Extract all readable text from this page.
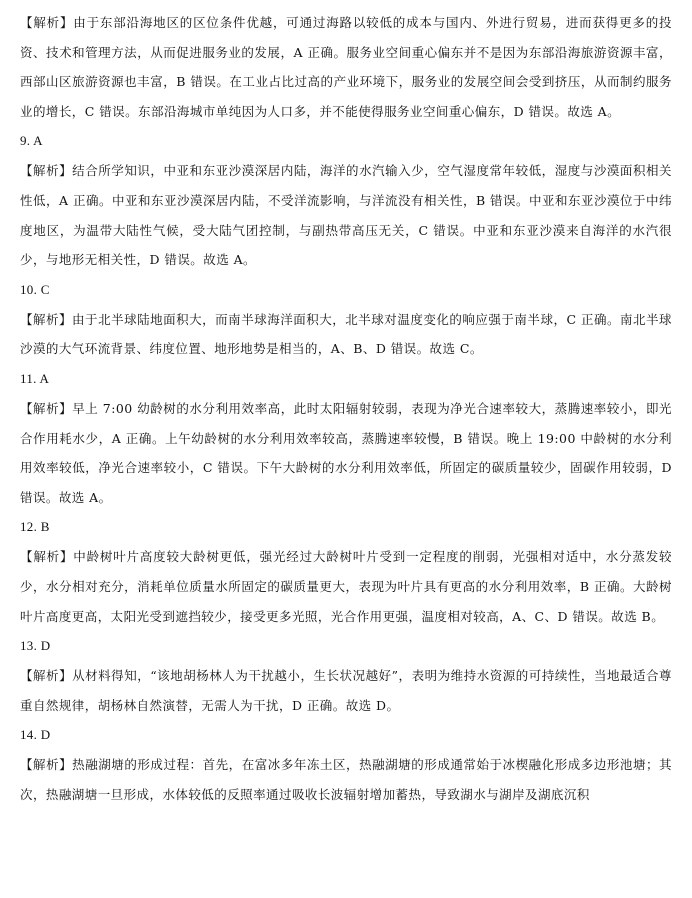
【解析】由于东部沿海地区的区位条件优越，可通过海路以较低的成本与国内、外进行贸易，进而获得更多的投资、技术和管理方法，从而促进服务业的发展，A 正确。服务业空间重心偏东并不是因为东部沿海旅游资源丰富，西部山区旅游资源也丰富，B 错误。在工业占比过高的产业环境下，服务业的发展空间会受到挤压，从而制约服务业的增长，C 错误。东部沿海城市单纯因为人口多，并不能使得服务业空间重心偏东，D 错误。故选 A。
9. A
【解析】结合所学知识，中亚和东亚沙漠深居内陆，海洋的水汽输入少，空气湿度常年较低，湿度与沙漠面积相关性低，A 正确。中亚和东亚沙漠深居内陆，不受洋流影响，与洋流没有相关性，B 错误。中亚和东亚沙漠位于中纬度地区，为温带大陆性气候，受大陆气团控制，与副热带高压无关，C 错误。中亚和东亚沙漠来自海洋的水汽很少，与地形无相关性，D 错误。故选 A。
10. C
【解析】由于北半球陆地面积大，而南半球海洋面积大，北半球对温度变化的响应强于南半球，C 正确。南北半球沙漠的大气环流背景、纬度位置、地形地势是相当的，A、B、D 错误。故选 C。
11. A
【解析】早上 7:00 幼龄树的水分利用效率高，此时太阳辐射较弱，表现为净光合速率较大，蒸腾速率较小，即光合作用耗水少，A 正确。上午幼龄树的水分利用效率较高，蒸腾速率较慢，B 错误。晚上 19:00 中龄树的水分利用效率较低，净光合速率较小，C 错误。下午大龄树的水分利用效率低，所固定的碳质量较少，固碳作用较弱，D 错误。故选 A。
12. B
【解析】中龄树叶片高度较大龄树更低，强光经过大龄树叶片受到一定程度的削弱，光强相对适中，水分蒸发较少，水分相对充分，消耗单位质量水所固定的碳质量更大，表现为叶片具有更高的水分利用效率，B 正确。大龄树叶片高度更高，太阳光受到遮挡较少，接受更多光照，光合作用更强，温度相对较高，A、C、D 错误。故选 B。
13. D
【解析】从材料得知，“该地胡杨林人为干扰越小，生长状况越好”，表明为维持水资源的可持续性，当地最适合尊重自然规律，胡杨林自然演替，无需人为干扰，D 正确。故选 D。
14. D
【解析】热融湖塘的形成过程：首先，在富冰多年冻土区，热融湖塘的形成通常始于冰楔融化形成多边形池塘；其次，热融湖塘一旦形成，水体较低的反照率通过吸收长波辐射增加蓄热，导致湖水与湖岸及湖底沉积
